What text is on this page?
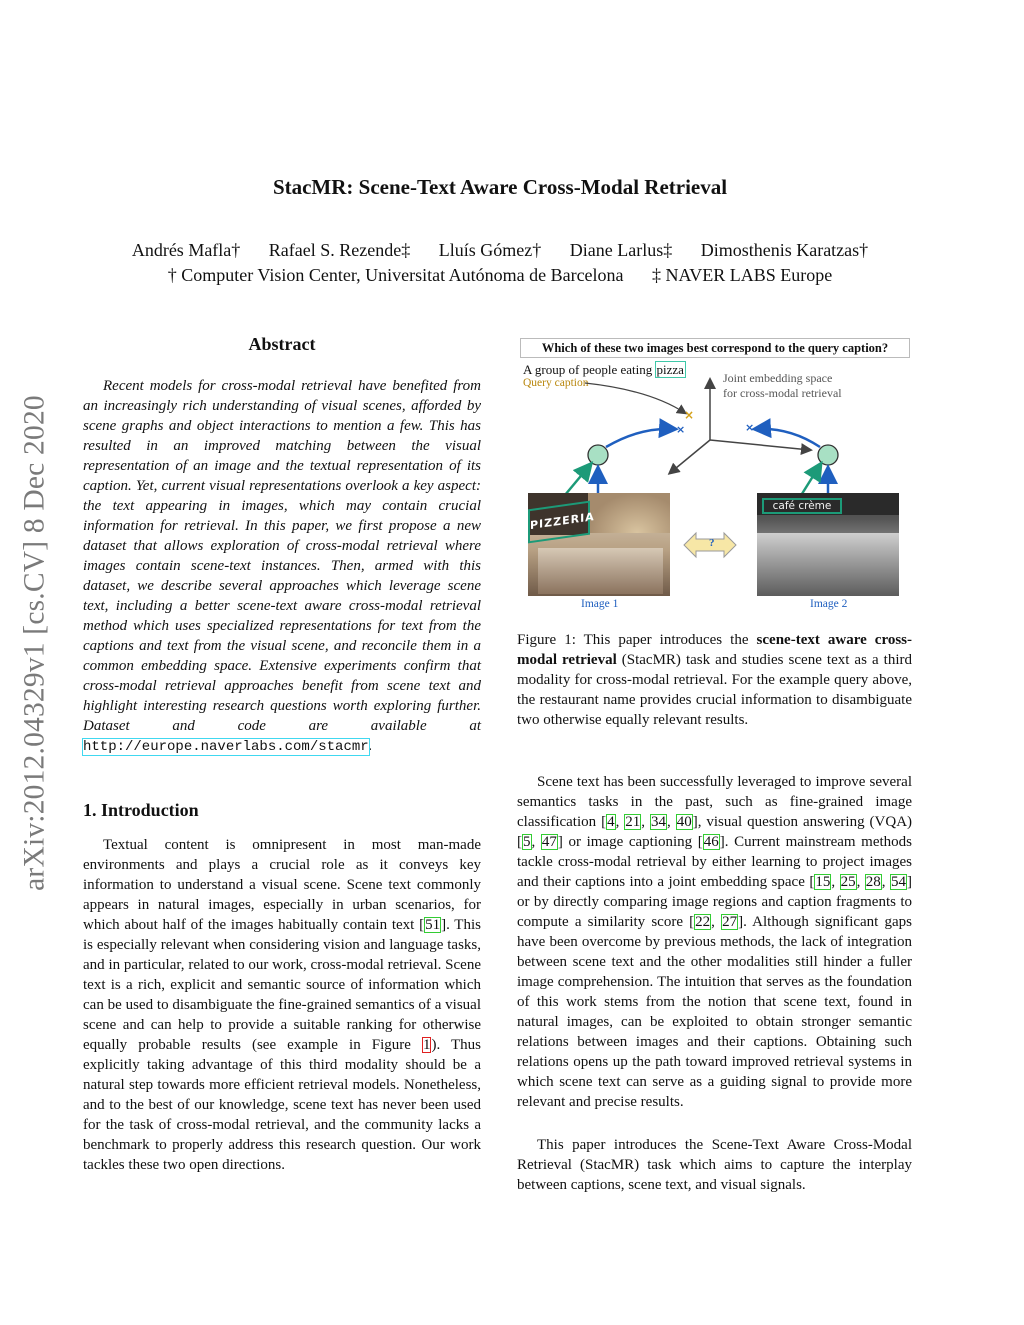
arXiv:2012.04329v1 [cs.CV] 8 Dec 2020
StacMR: Scene-Text Aware Cross-Modal Retrieval
Andrés Mafla† Rafael S. Rezende‡ Lluís Gómez† Diane Larlus‡ Dimosthenis Karatzas†
† Computer Vision Center, Universitat Autónoma de Barcelona ‡ NAVER LABS Europe
Abstract
Recent models for cross-modal retrieval have benefited from an increasingly rich understanding of visual scenes, afforded by scene graphs and object interactions to mention a few. This has resulted in an improved matching between the visual representation of an image and the textual representation of its caption. Yet, current visual representations overlook a key aspect: the text appearing in images, which may contain crucial information for retrieval. In this paper, we first propose a new dataset that allows exploration of cross-modal retrieval where images contain scene-text instances. Then, armed with this dataset, we describe several approaches which leverage scene text, including a better scene-text aware cross-modal retrieval method which uses specialized representations for text from the captions and text from the visual scene, and reconcile them in a common embedding space. Extensive experiments confirm that cross-modal retrieval approaches benefit from scene text and highlight interesting research questions worth exploring further. Dataset and code are available at http://europe.naverlabs.com/stacmr.
1. Introduction
Textual content is omnipresent in most man-made environments and plays a crucial role as it conveys key information to understand a visual scene. Scene text commonly appears in natural images, especially in urban scenarios, for which about half of the images habitually contain text [51]. This is especially relevant when considering vision and language tasks, and in particular, related to our work, cross-modal retrieval. Scene text is a rich, explicit and semantic source of information which can be used to disambiguate the fine-grained semantics of a visual scene and can help to provide a suitable ranking for otherwise equally probable results (see example in Figure 1). Thus explicitly taking advantage of this third modality should be a natural step towards more efficient retrieval models. Nonetheless, and to the best of our knowledge, scene text has never been used for the task of cross-modal retrieval, and the community lacks a benchmark to properly address this research question. Our work tackles these two open directions.
Which of these two images best correspond to the query caption?
A group of people eating pizza
Query caption	Joint embedding space
for cross-modal retrieval
×
×	×
?
PIZZERIA
Image 1
café crème
Image 2
Figure 1: This paper introduces the scene-text aware cross-modal retrieval (StacMR) task and studies scene text as a third modality for cross-modal retrieval. For the example query above, the restaurant name provides crucial information to disambiguate two otherwise equally relevant results.
Scene text has been successfully leveraged to improve several semantics tasks in the past, such as fine-grained image classification [4, 21, 34, 40], visual question answering (VQA) [5, 47] or image captioning [46]. Current mainstream methods tackle cross-modal retrieval by either learning to project images and their captions into a joint embedding space [15, 25, 28, 54] or by directly comparing image regions and caption fragments to compute a similarity score [22, 27]. Although significant gaps have been overcome by previous methods, the lack of integration between scene text and the other modalities still hinder a fuller image comprehension. The intuition that serves as the foundation of this work stems from the notion that scene text, found in natural images, can be exploited to obtain stronger semantic relations between images and their captions. Obtaining such relations opens up the path toward improved retrieval systems in which scene text can serve as a guiding signal to provide more relevant and precise results.
This paper introduces the Scene-Text Aware Cross-Modal Retrieval (StacMR) task which aims to capture the interplay between captions, scene text, and visual signals.
